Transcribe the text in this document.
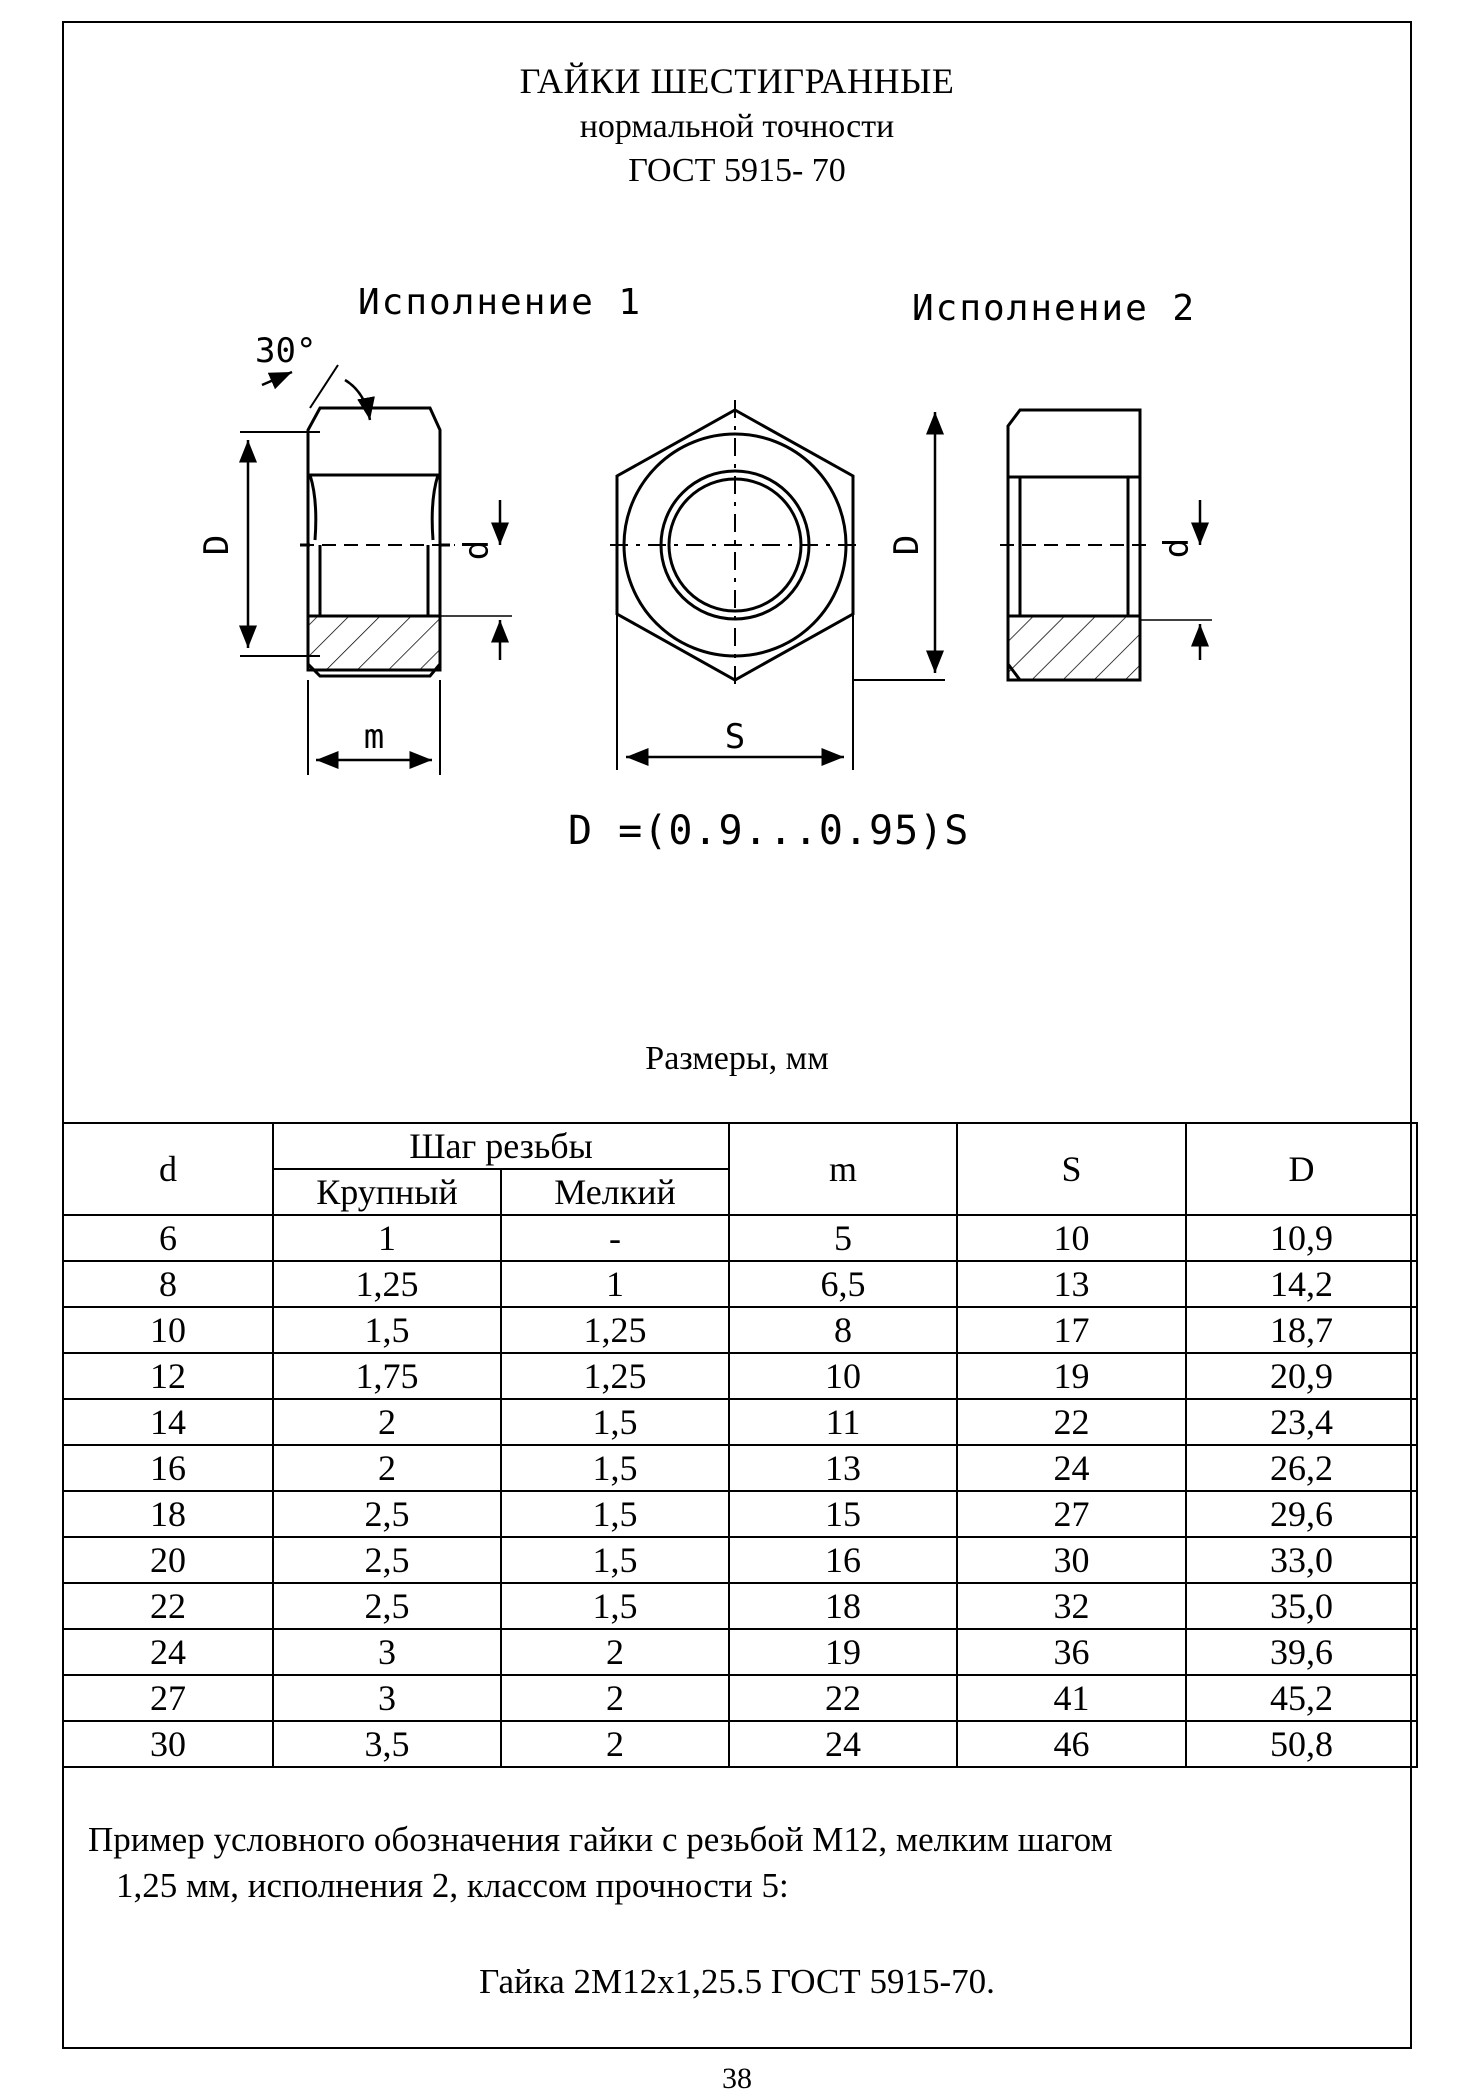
ГАЙКИ ШЕСТИГРАННЫЕ
нормальной точности
ГОСТ 5915- 70
Исполнение 1	Исполнение 2
30°
D	d
m
D
S
d
D =(0.9...0.95)S
Размеры, мм
d	Шаг резьбы		m	S	D
	Крупный	Мелкий			
6	1	-	5	10	10,9
8	1,25	1	6,5	13	14,2
10	1,5	1,25	8	17	18,7
12	1,75	1,25	10	19	20,9
14	2	1,5	11	22	23,4
16	2	1,5	13	24	26,2
18	2,5	1,5	15	27	29,6
20	2,5	1,5	16	30	33,0
22	2,5	1,5	18	32	35,0
24	3	2	19	36	39,6
27	3	2	22	41	45,2
30	3,5	2	24	46	50,8
Пример условного обозначения гайки с резьбой М12, мелким шагом
1,25 мм, исполнения 2, классом прочности 5:
Гайка 2М12х1,25.5 ГОСТ 5915-70.
38
